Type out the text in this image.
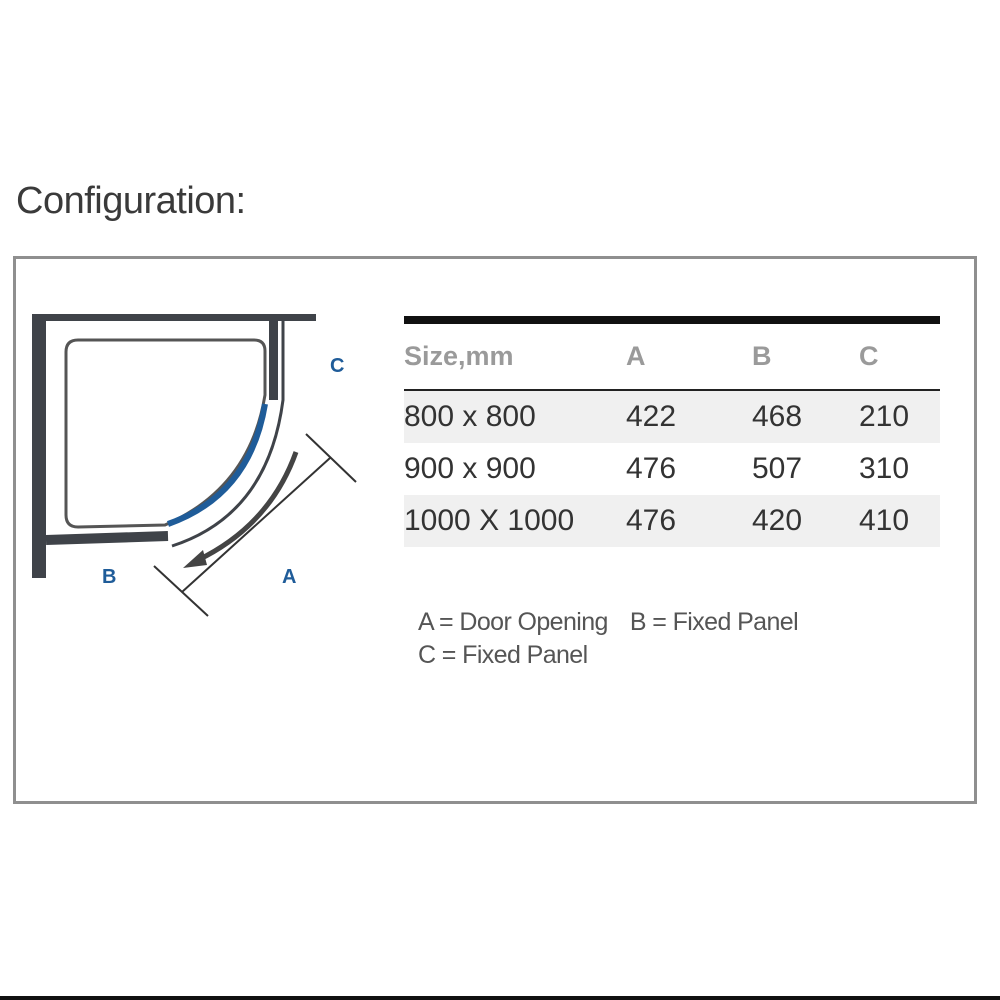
Configuration:
C
B	A
Size,mm	A	B	C
800 x 800	422	468	210
900 x 900	476	507	310
1000 X 1000	476	420	410
A = Door Opening B = Fixed Panel
C = Fixed Panel
